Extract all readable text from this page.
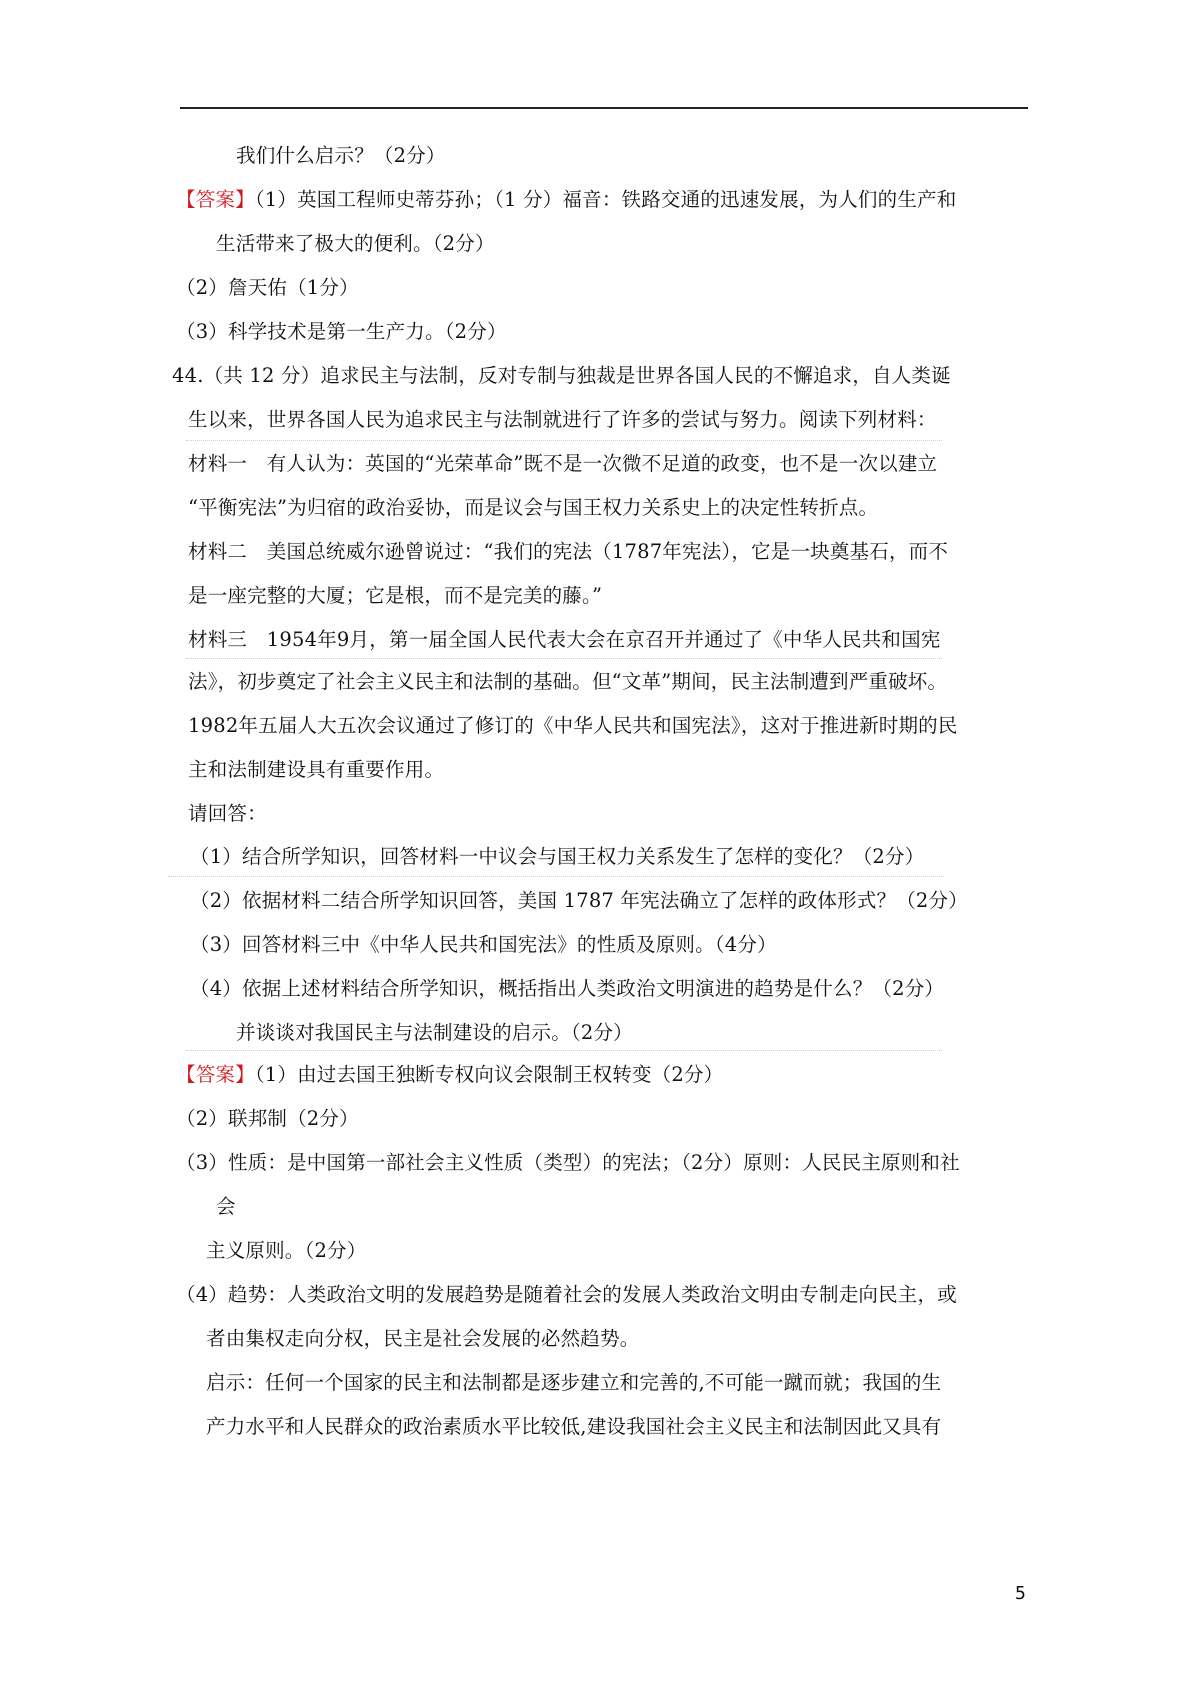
我们什么启示？（2分）
【答案】（1）英国工程师史蒂芬孙；（1 分）福音：铁路交通的迅速发展，为人们的生产和
生活带来了极大的便利。（2分）
（2）詹天佑（1分）
（3）科学技术是第一生产力。（2分）
44.（共 12 分）追求民主与法制，反对专制与独裁是世界各国人民的不懈追求，自人类诞
生以来，世界各国人民为追求民主与法制就进行了许多的尝试与努力。阅读下列材料：
材料一　有人认为：英国的“光荣革命”既不是一次微不足道的政变，也不是一次以建立
“平衡宪法”为归宿的政治妥协，而是议会与国王权力关系史上的决定性转折点。
材料二　美国总统威尔逊曾说过：“我们的宪法（1787年宪法），它是一块奠基石，而不
是一座完整的大厦；它是根，而不是完美的藤。”
材料三　1954年9月，第一届全国人民代表大会在京召开并通过了《中华人民共和国宪
法》，初步奠定了社会主义民主和法制的基础。但“文革”期间，民主法制遭到严重破坏。
1982年五届人大五次会议通过了修订的《中华人民共和国宪法》，这对于推进新时期的民
主和法制建设具有重要作用。
请回答：
（1）结合所学知识，回答材料一中议会与国王权力关系发生了怎样的变化？（2分）
（2）依据材料二结合所学知识回答，美国 1787 年宪法确立了怎样的政体形式？（2分）
（3）回答材料三中《中华人民共和国宪法》的性质及原则。（4分）
（4）依据上述材料结合所学知识，概括指出人类政治文明演进的趋势是什么？（2分）
并谈谈对我国民主与法制建设的启示。（2分）
【答案】（1）由过去国王独断专权向议会限制王权转变（2分）
（2）联邦制（2分）
（3）性质：是中国第一部社会主义性质（类型）的宪法；（2分）原则：人民民主原则和社
会
主义原则。（2分）
（4）趋势：人类政治文明的发展趋势是随着社会的发展人类政治文明由专制走向民主，或
者由集权走向分权，民主是社会发展的必然趋势。
启示：任何一个国家的民主和法制都是逐步建立和完善的,不可能一蹴而就；我国的生
产力水平和人民群众的政治素质水平比较低,建设我国社会主义民主和法制因此又具有
5
